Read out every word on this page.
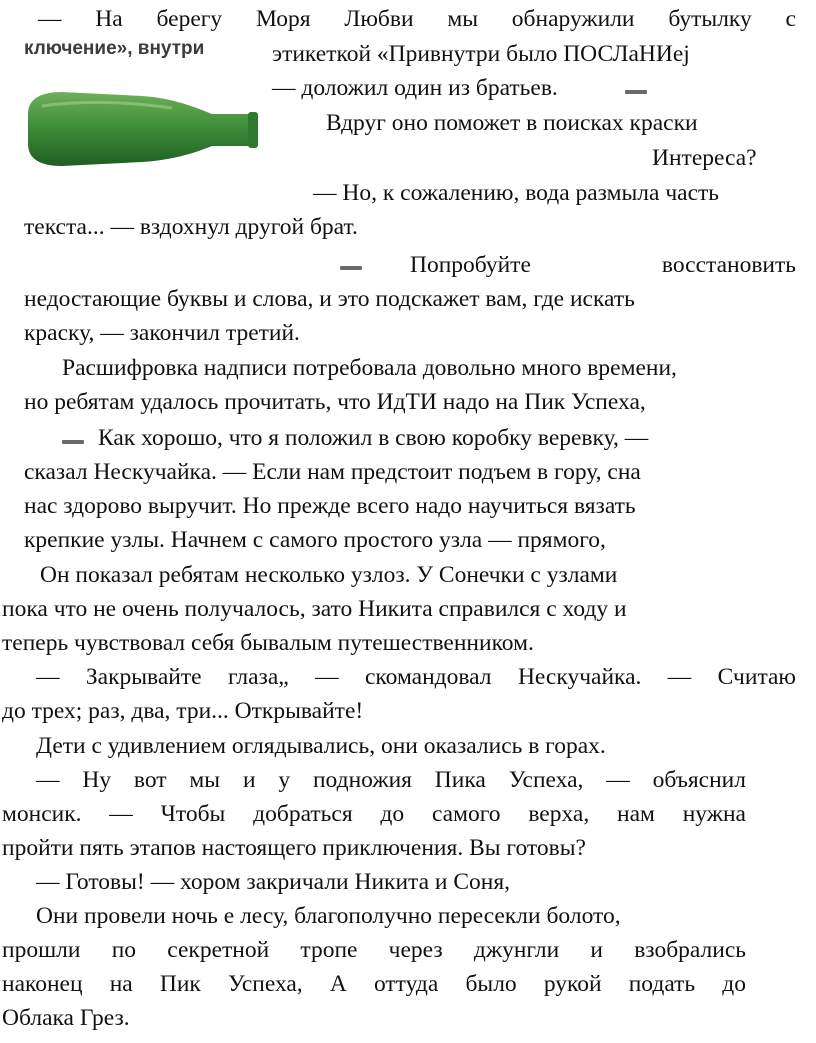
ключение», внутри
— На берегу Моря Любви мы обнаружили бутылку с
этикеткой «Привнутри было ПОСЛаНИej
— доложил один из братьев.
Вдруг оно поможет в поисках краски
Интереса?
— Но, к сожалению, вода размыла часть
текста... — вздохнул другой брат.
Попробуйте восстановить
недостающие буквы и слова, и это подскажет вам, где искать
краску, — закончил третий.
Расшифровка надписи потребовала довольно много времени,
но ребятам удалось прочитать, что ИдТИ надо на Пик Успеха,
Как хорошо, что я положил в свою коробку веревку, —
сказал Нескучайка. — Если нам предстоит подъем в гору, сна
нас здорово выручит. Но прежде всего надо научиться вязать
крепкие узлы. Начнем с самого простого узла — прямого,
Он показал ребятам несколько узлоз. У Сонечки с узлами
пока что не очень получалось, зато Никита справился с ходу и
теперь чувствовал себя бывалым путешественником.
— Закрывайте глаза„ — скомандовал Нескучайка. — Считаю
до трех; раз, два, три... Открывайте!
Дети с удивлением оглядывались, они оказались в горах.
— Ну вот мы и у подножия Пика Успеха, — объяснил
монсик. — Чтобы добраться до самого верха, нам нужна
пройти пять этапов настоящего приключения. Вы готовы?
— Готовы! — хором закричали Никита и Соня,
Они провели ночь е лесу, благополучно пересекли болото,
прошли по секретной тропе через джунгли и взобрались
наконец на Пик Успеха, А оттуда было рукой подать до
Облака Грез.
